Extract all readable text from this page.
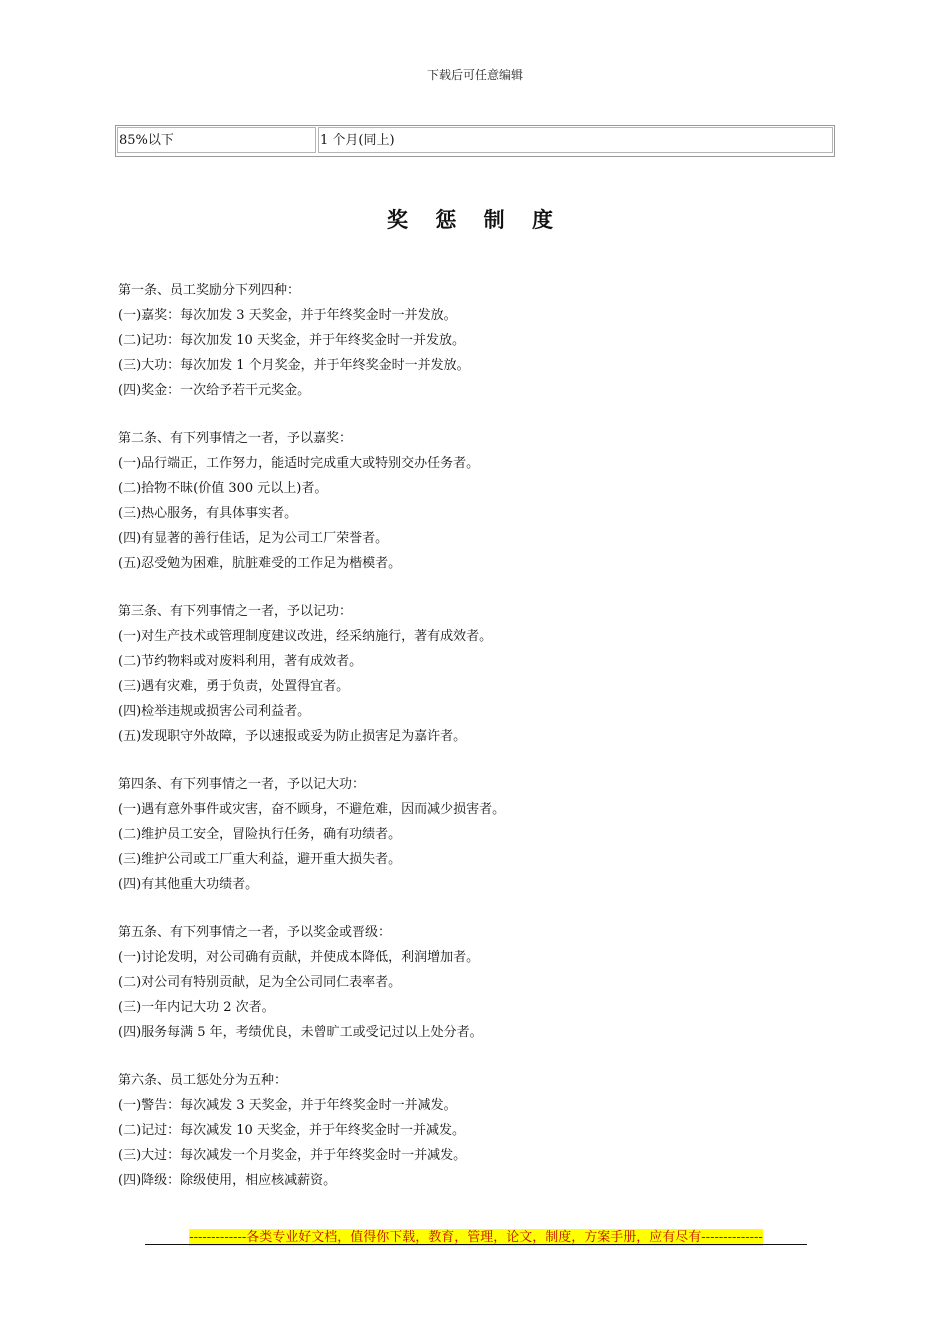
下载后可任意编辑
85%以下	1 个月(同上)
奖 惩 制 度
第一条、员工奖励分下列四种：
(一)嘉奖：每次加发 3 天奖金，并于年终奖金时一并发放。
(二)记功：每次加发 10 天奖金，并于年终奖金时一并发放。
(三)大功：每次加发 1 个月奖金，并于年终奖金时一并发放。
(四)奖金：一次给予若干元奖金。
第二条、有下列事情之一者，予以嘉奖：
(一)品行端正，工作努力，能适时完成重大或特别交办任务者。
(二)拾物不昧(价值 300 元以上)者。
(三)热心服务，有具体事实者。
(四)有显著的善行佳话，足为公司工厂荣誉者。
(五)忍受勉为困难，肮脏难受的工作足为楷模者。
第三条、有下列事情之一者，予以记功：
(一)对生产技术或管理制度建议改进，经采纳施行，著有成效者。
(二)节约物料或对废料利用，著有成效者。
(三)遇有灾难，勇于负责，处置得宜者。
(四)检举违规或损害公司利益者。
(五)发现职守外故障，予以速报或妥为防止损害足为嘉许者。
第四条、有下列事情之一者，予以记大功：
(一)遇有意外事件或灾害，奋不顾身，不避危难，因而减少损害者。
(二)维护员工安全，冒险执行任务，确有功绩者。
(三)维护公司或工厂重大利益，避开重大损失者。
(四)有其他重大功绩者。
第五条、有下列事情之一者，予以奖金或晋级：
(一)讨论发明，对公司确有贡献，并使成本降低，利润增加者。
(二)对公司有特别贡献，足为全公司同仁表率者。
(三)一年内记大功 2 次者。
(四)服务每满 5 年，考绩优良，未曾旷工或受记过以上处分者。
第六条、员工惩处分为五种：
(一)警告：每次减发 3 天奖金，并于年终奖金时一并减发。
(二)记过：每次减发 10 天奖金，并于年终奖金时一并减发。
(三)大过：每次减发一个月奖金，并于年终奖金时一并减发。
(四)降级：除级使用，相应核减薪资。
-------------各类专业好文档，值得你下载，教育，管理，论文，制度，方案手册，应有尽有--------------
